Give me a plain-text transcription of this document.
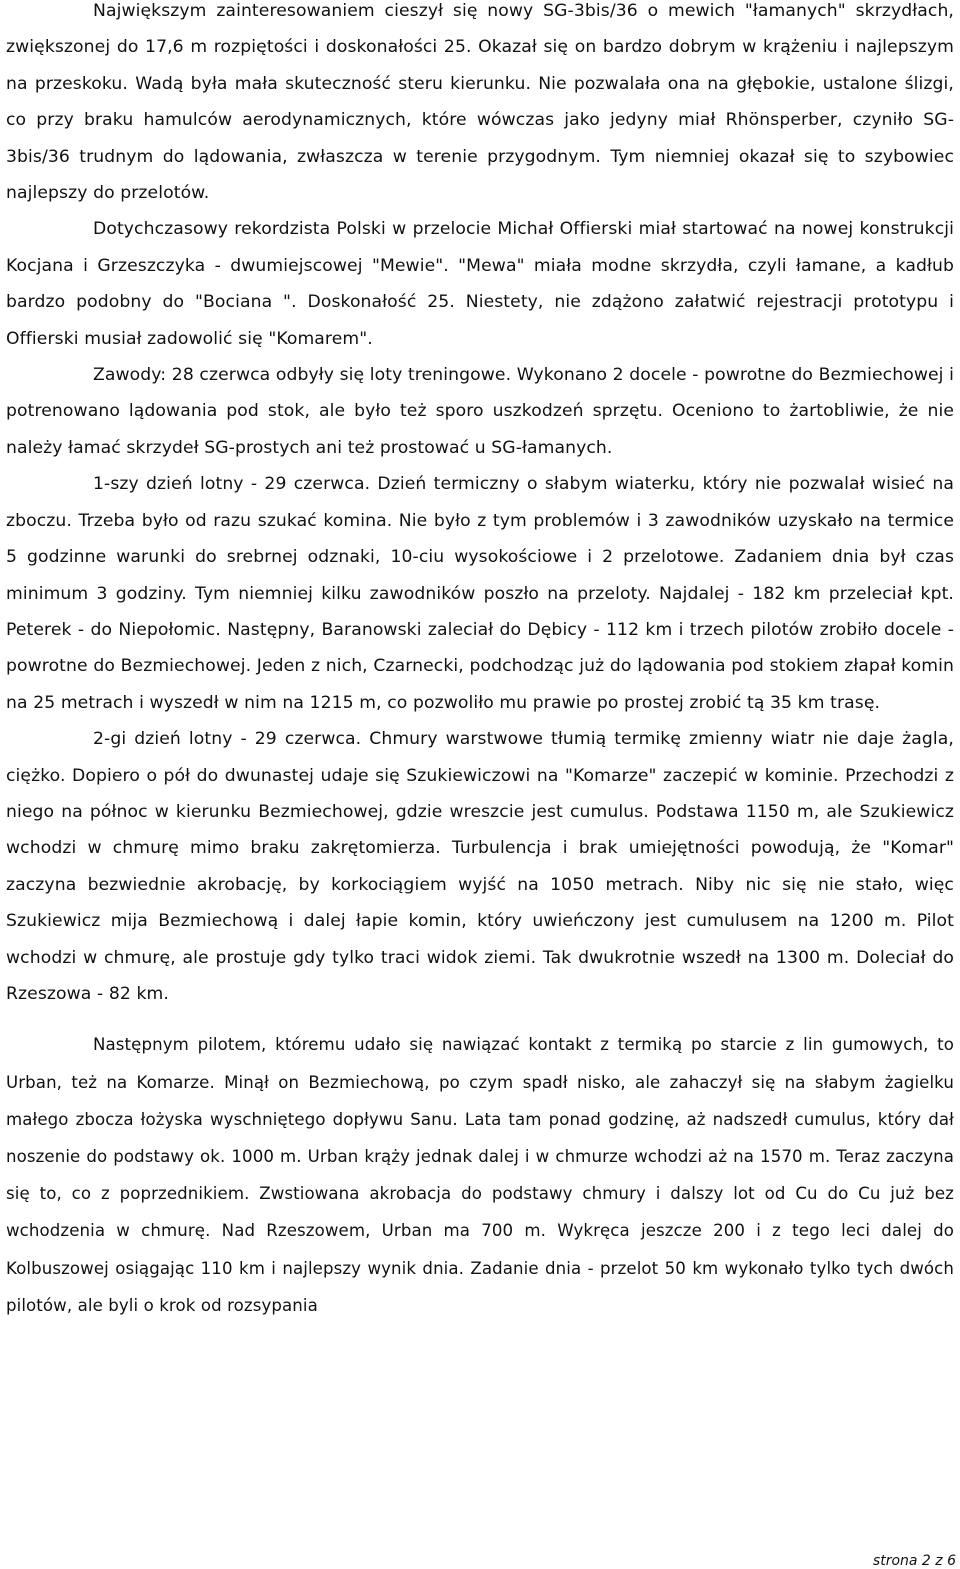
Największym zainteresowaniem cieszył się nowy SG-3bis/36 o mewich "łamanych" skrzydłach, zwiększonej do 17,6 m rozpiętości i doskonałości 25. Okazał się on bardzo dobrym w krążeniu i najlepszym na przeskoku. Wadą była mała skuteczność steru kierunku. Nie pozwalała ona na głębokie, ustalone ślizgi, co przy braku hamulców aerodynamicznych, które wówczas jako jedyny miał Rhönsperber, czyniło SG-3bis/36 trudnym do lądowania, zwłaszcza w terenie przygodnym. Tym niemniej okazał się to szybowiec najlepszy do przelotów.

Dotychczasowy rekordzista Polski w przelocie Michał Offierski miał startować na nowej konstrukcji Kocjana i Grzeszczyka - dwumiejscowej "Mewie". "Mewa" miała modne skrzydła, czyli łamane, a kadłub bardzo podobny do "Bociana ". Doskonałość 25. Niestety, nie zdążono załatwić rejestracji prototypu i Offierski musiał zadowolić się "Komarem".

Zawody: 28 czerwca odbyły się loty treningowe. Wykonano 2 docele - powrotne do Bezmiechowej i potrenowano lądowania pod stok, ale było też sporo uszkodzeń sprzętu. Oceniono to żartobliwie, że nie należy łamać skrzydeł SG-prostych ani też prostować u SG-łamanych.

1-szy dzień lotny - 29 czerwca. Dzień termiczny o słabym wiaterku, który nie pozwalał wisieć na zboczu. Trzeba było od razu szukać komina. Nie było z tym problemów i 3 zawodników uzyskało na termice 5 godzinne warunki do srebrnej odznaki, 10-ciu wysokościowe i 2 przelotowe. Zadaniem dnia był czas minimum 3 godziny. Tym niemniej kilku zawodników poszło na przeloty. Najdalej - 182 km przeleciał kpt. Peterek - do Niepołomic. Następny, Baranowski zaleciał do Dębicy - 112 km i trzech pilotów zrobiło docele - powrotne do Bezmiechowej. Jeden z nich, Czarnecki, podchodząc już do lądowania pod stokiem złapał komin na 25 metrach i wyszedł w nim na 1215 m, co pozwoliło mu prawie po prostej zrobić tą 35 km trasę.

2-gi dzień lotny - 29 czerwca. Chmury warstwowe tłumią termikę zmienny wiatr nie daje żagla, ciężko. Dopiero o pół do dwunastej udaje się Szukiewiczowi na "Komarze" zaczepić w kominie. Przechodzi z niego na północ w kierunku Bezmiechowej, gdzie wreszcie jest cumulus. Podstawa 1150 m, ale Szukiewicz wchodzi w chmurę mimo braku zakrętomierza. Turbulencja i brak umiejętności powodują, że "Komar" zaczyna bezwiednie akrobację, by korkociągiem wyjść na 1050 metrach. Niby nic się nie stało, więc Szukiewicz mija Bezmiechową i dalej łapie komin, który uwieńczony jest cumulusem na 1200 m. Pilot wchodzi w chmurę, ale prostuje gdy tylko traci widok ziemi. Tak dwukrotnie wszedł na 1300 m. Doleciał do Rzeszowa - 82 km.

Następnym pilotem, któremu udało się nawiązać kontakt z termiką po starcie z lin gumowych, to Urban, też na Komarze. Minął on Bezmiechową, po czym spadł nisko, ale zahaczył się na słabym żagielku małego zbocza łożyska wyschniętego dopływu Sanu. Lata tam ponad godzinę, aż nadszedł cumulus, który dał noszenie do podstawy ok. 1000 m. Urban krąży jednak dalej i w chmurze wchodzi aż na 1570 m. Teraz zaczyna się to, co z poprzednikiem. Zwstiowana akrobacja do podstawy chmury i dalszy lot od Cu do Cu już bez wchodzenia w chmurę. Nad Rzeszowem, Urban ma 700 m. Wykręca jeszcze 200 i z tego leci dalej do Kolbuszowej osiągając 110 km i najlepszy wynik dnia. Zadanie dnia - przelot 50 km wykonało tylko tych dwóch pilotów, ale byli o krok od rozsypania

strona 2 z 6
